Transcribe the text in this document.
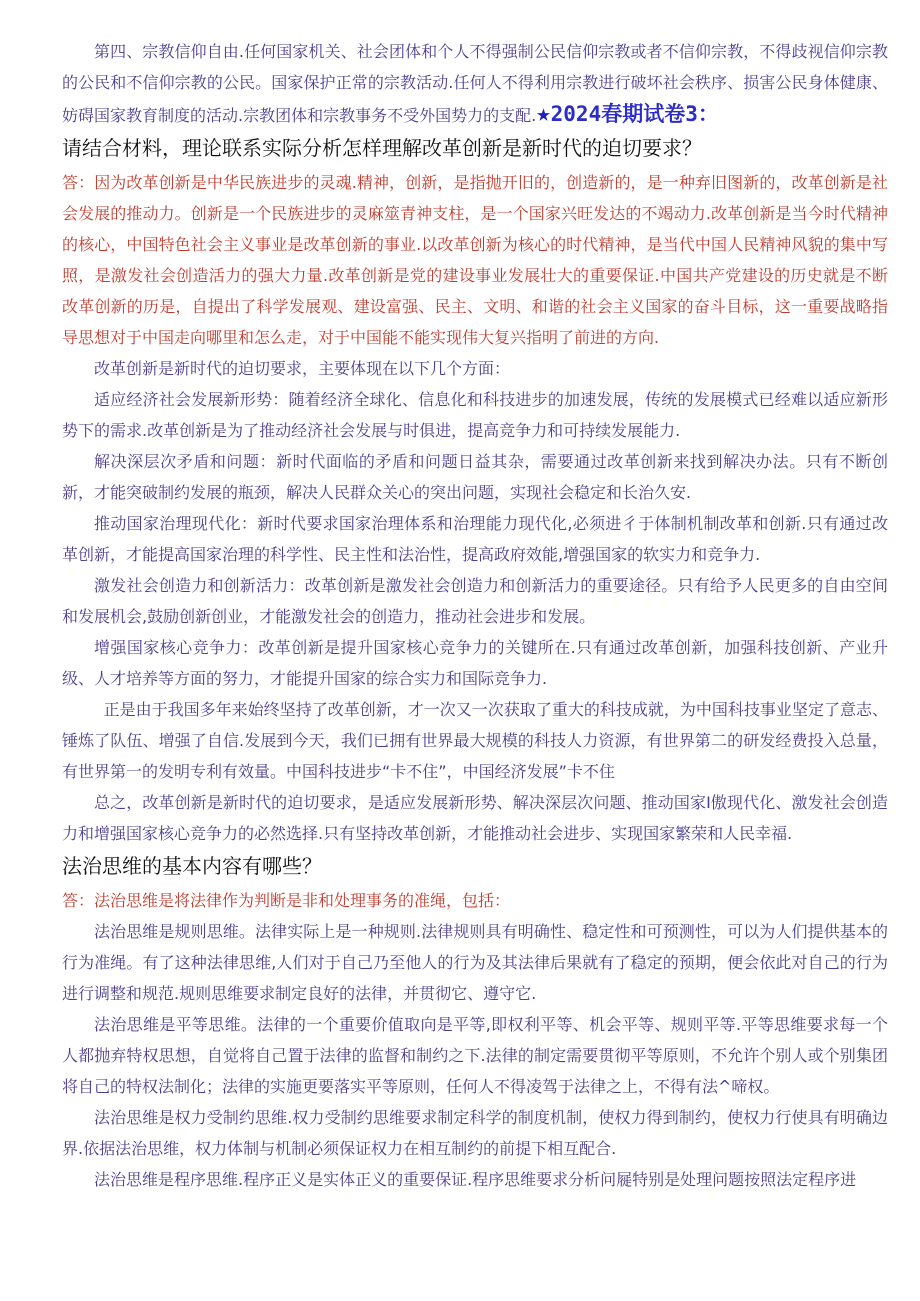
第四、宗教信仰自由.任何国家机关、社会团体和个人不得强制公民信仰宗教或者不信仰宗教，不得歧视信仰宗教的公民和不信仰宗教的公民。国家保护正常的宗教活动.任何人不得利用宗教进行破坏社会秩序、损害公民身体健康、妨碍国家教育制度的活动.宗教团体和宗教事务不受外国势力的支配.★2024春期试卷3：

请结合材料，理论联系实际分析怎样理解改革创新是新时代的迫切要求？

答：因为改革创新是中华民族进步的灵魂.精神，创新，是指抛开旧的，创造新的，是一种弃旧图新的，改革创新是社会发展的推动力。创新是一个民族进步的灵麻筮青神支柱，是一个国家兴旺发达的不竭动力.改革创新是当今时代精神的核心，中国特色社会主义事业是改革创新的事业.以改革创新为核心的时代精神，是当代中国人民精神风貌的集中写照，是激发社会创造活力的强大力量.改革创新是党的建设事业发展壮大的重要保证.中国共产党建设的历史就是不断改革创新的历是，自提出了科学发展观、建设富强、民主、文明、和谐的社会主义国家的奋斗目标，这一重要战略指导思想对于中国走向哪里和怎么走，对于中国能不能实现伟大复兴指明了前进的方向.

改革创新是新时代的迫切要求，主要体现在以下几个方面：

适应经济社会发展新形势：随着经济全球化、信息化和科技进步的加速发展，传统的发展模式已经难以适应新形势下的需求.改革创新是为了推动经济社会发展与时俱进，提高竞争力和可持续发展能力.

解决深层次矛盾和问题：新时代面临的矛盾和问题日益其杂，需要通过改革创新来找到解决办法。只有不断创新，才能突破制约发展的瓶颈，解决人民群众关心的突出问题，实现社会稳定和长治久安.

推动国家治理现代化：新时代要求国家治理体系和治理能力现代化,必须进彳于体制机制改革和创新.只有通过改革创新，才能提高国家治理的科学性、民主性和法治性，提高政府效能,增强国家的软实力和竞争力.

激发社会创造力和创新活力：改革创新是激发社会创造力和创新活力的重要途径。只有给予人民更多的自由空间和发展机会,鼓励创新创业，才能激发社会的创造力，推动社会进步和发展。

增强国家核心竞争力：改革创新是提升国家核心竞争力的关键所在.只有通过改革创新，加强科技创新、产业升级、人才培养等方面的努力，才能提升国家的综合实力和国际竞争力.

正是由于我国多年来始终坚持了改革创新，才一次又一次获取了重大的科技成就，为中国科技事业坚定了意志、锤炼了队伍、增强了自信.发展到今天，我们已拥有世界最大规模的科技人力资源，有世界第二的研发经费投入总量，有世界第一的发明专利有效量。中国科技进步“卡不住”，中国经济发展”卡不住

总之，改革创新是新时代的迫切要求，是适应发展新形势、解决深层次问题、推动国家I傲现代化、激发社会创造力和增强国家核心竞争力的必然选择.只有坚持改革创新，才能推动社会进步、实现国家繁荣和人民幸福.

法治思维的基本内容有哪些？

答：法治思维是将法律作为判断是非和处理事务的准绳，包括：

法治思维是规则思维。法律实际上是一种规则.法律规则具有明确性、稳定性和可预测性，可以为人们提供基本的行为准绳。有了这种法律思维,人们对于自己乃至他人的行为及其法律后果就有了稳定的预期，便会依此对自己的行为进行调整和规范.规则思维要求制定良好的法律，并贯彻它、遵守它.

法治思维是平等思维。法律的一个重要价值取向是平等,即权利平等、机会平等、规则平等.平等思维要求每一个人都抛弃特权思想，自觉将自己置于法律的监督和制约之下.法律的制定需要贯彻平等原则，不允许个别人或个别集团将自己的特权法制化；法律的实施更要落实平等原则，任何人不得凌驾于法律之上，不得有法^啼权。

法治思维是权力受制约思维.权力受制约思维要求制定科学的制度机制，使权力得到制约，使权力行使具有明确边界.依据法治思维，权力体制与机制必须保证权力在相互制约的前提下相互配合.

法治思维是程序思维.程序正义是实体正义的重要保证.程序思维要求分析问屣特别是处理问题按照法定程序进
